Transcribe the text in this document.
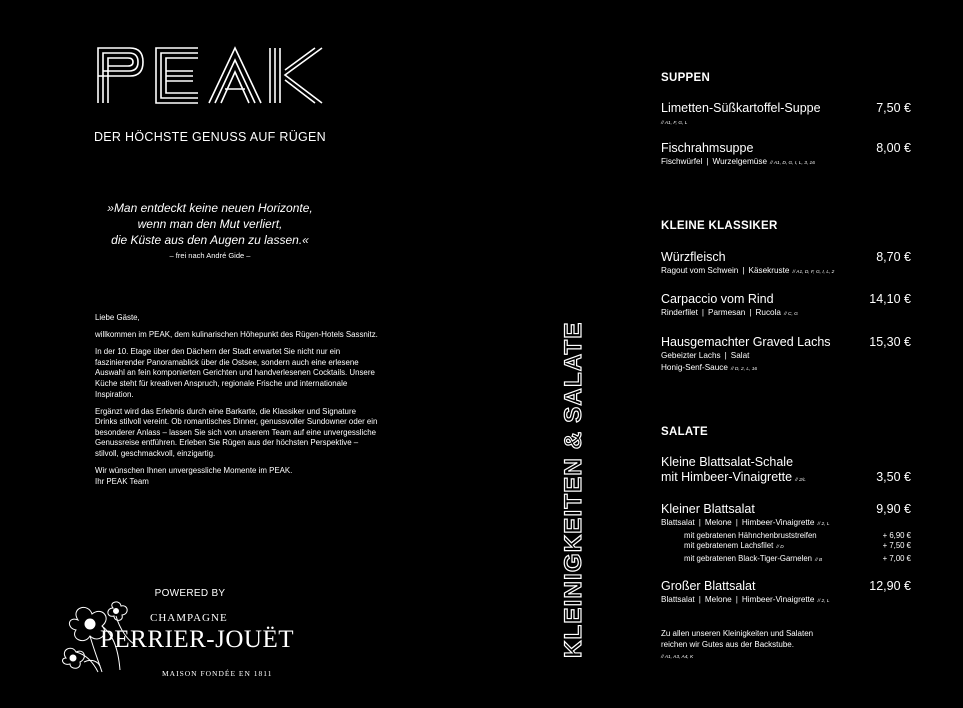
DER HÖCHSTE GENUSS AUF RÜGEN
»Man entdeckt keine neuen Horizonte,
wenn man den Mut verliert,
die Küste aus den Augen zu lassen.«
– frei nach André Gide –

Liebe Gäste,

willkommen im PEAK, dem kulinarischen Höhepunkt des Rügen-Hotels Sassnitz.

In der 10. Etage über den Dächern der Stadt erwartet Sie nicht nur ein faszinierender Panoramablick über die Ostsee, sondern auch eine erlesene Auswahl an fein komponierten Gerichten und handverlesenen Cocktails. Unsere Küche steht für kreativen Anspruch, regionale Frische und internationale Inspiration.

Ergänzt wird das Erlebnis durch eine Barkarte, die Klassiker und Signature Drinks stilvoll vereint. Ob romantisches Dinner, genussvoller Sundowner oder ein besonderer Anlass – lassen Sie sich von unserem Team auf eine unvergessliche Genussreise entführen. Erleben Sie Rügen aus der höchsten Perspektive – stilvoll, geschmackvoll, einzigartig.

Wir wünschen Ihnen unvergessliche Momente im PEAK.
Ihr PEAK Team

POWERED BY
CHAMPAGNE
PERRIER-JOUËT
MAISON FONDÉE EN 1811
KLEINIGKEITEN & SALATE
SUPPEN
Limetten-Süßkartoffel-Suppe	7,50 €
// A1, F, G, L
Fischrahmsuppe	8,00 €
Fischwürfel | Wurzelgemüse // A1, D, G, I, L, 3, 16
KLEINE KLASSIKER
Würzfleisch	8,70 €
Ragout vom Schwein | Käsekruste // A1, D, F, G, I, L, 2
Carpaccio vom Rind	14,10 €
Rinderfilet | Parmesan | Rucola // C, G
Hausgemachter Graved Lachs	15,30 €
Gebeizter Lachs | Salat
Honig-Senf-Sauce // D, 2, L, 16
SALATE
Kleine Blattsalat-Schale
mit Himbeer-Vinaigrette // 2/L	3,50 €
Kleiner Blattsalat	9,90 €
Blattsalat | Melone | Himbeer-Vinaigrette // 2, L
mit gebratenen Hähnchenbruststreifen	+ 6,90 €
mit gebratenem Lachsfilet // D	+ 7,50 €
mit gebratenen Black-Tiger-Garnelen // B	+ 7,00 €
Großer Blattsalat	12,90 €
Blattsalat | Melone | Himbeer-Vinaigrette // 2, L
Zu allen unseren Kleinigkeiten und Salaten
reichen wir Gutes aus der Backstube.
// A1, A3, A4, K
